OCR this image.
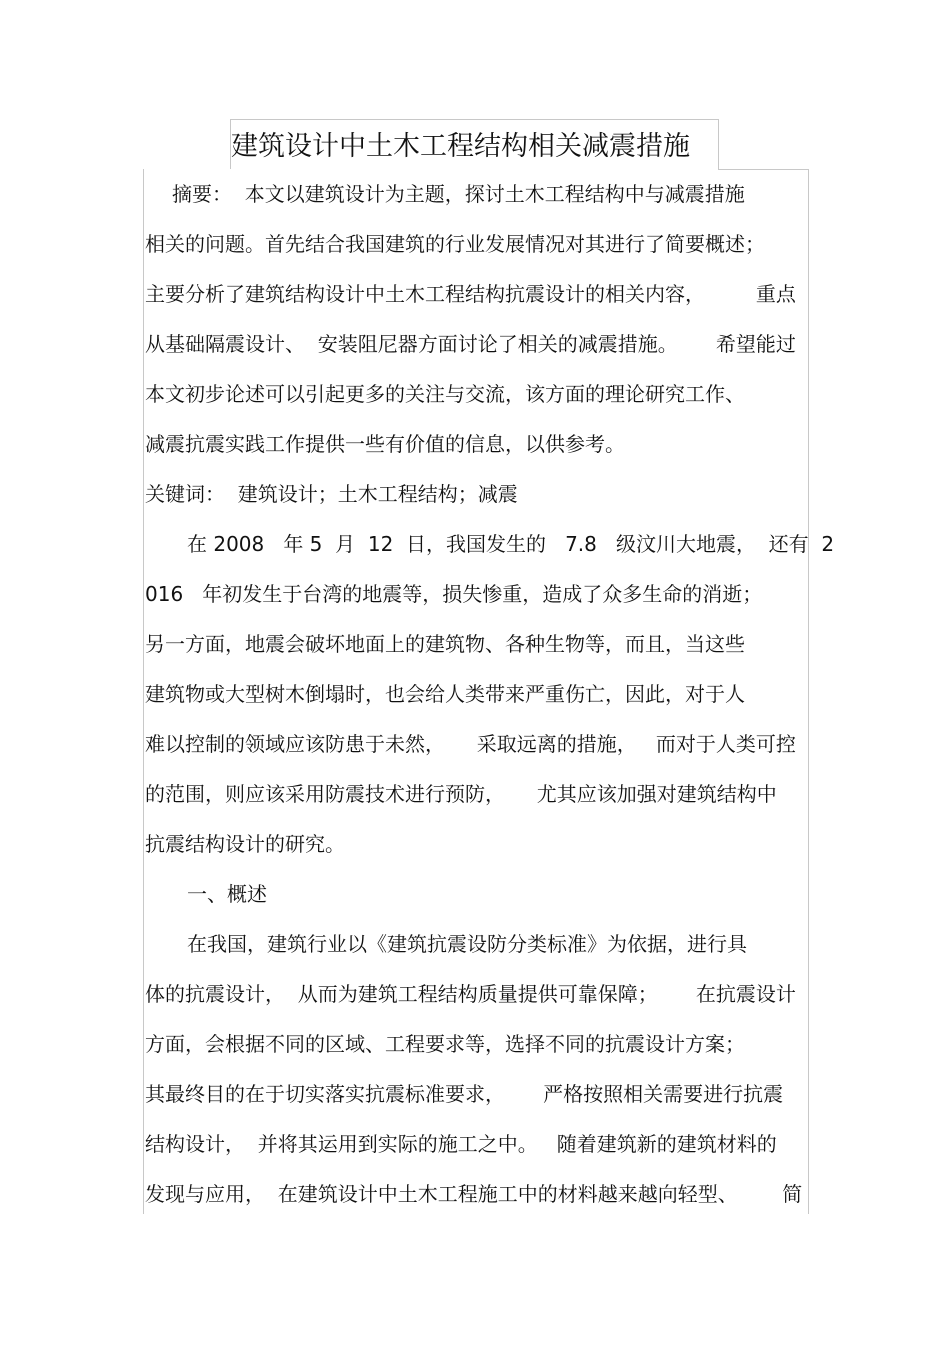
建筑设计中土木工程结构相关减震措施
摘要：  本文以建筑设计为主题，探讨土木工程结构中与减震措施
相关的问题。首先结合我国建筑的行业发展情况对其进行了简要概述；
主要分析了建筑结构设计中土木工程结构抗震设计的相关内容，        重点
从基础隔震设计、  安装阻尼器方面讨论了相关的减震措施。      希望能过
本文初步论述可以引起更多的关注与交流，该方面的理论研究工作、
减震抗震实践工作提供一些有价值的信息，以供参考。
关键词：  建筑设计；土木工程结构；减震
在 2008   年 5  月  12  日，我国发生的   7.8   级汶川大地震，  还有  2
016   年初发生于台湾的地震等，损失惨重，造成了众多生命的消逝；
另一方面，地震会破坏地面上的建筑物、各种生物等，而且，当这些
建筑物或大型树木倒塌时，也会给人类带来严重伤亡，因此，对于人
难以控制的领域应该防患于未然，     采取远离的措施，   而对于人类可控
的范围，则应该采用防震技术进行预防，     尤其应该加强对建筑结构中
抗震结构设计的研究。
一、概述
在我国，建筑行业以《建筑抗震设防分类标准》为依据，进行具
体的抗震设计，  从而为建筑工程结构质量提供可靠保障；      在抗震设计
方面，会根据不同的区域、工程要求等，选择不同的抗震设计方案；
其最终目的在于切实落实抗震标准要求，      严格按照相关需要进行抗震
结构设计，  并将其运用到实际的施工之中。   随着建筑新的建筑材料的
发现与应用，  在建筑设计中土木工程施工中的材料越来越向轻型、       简
